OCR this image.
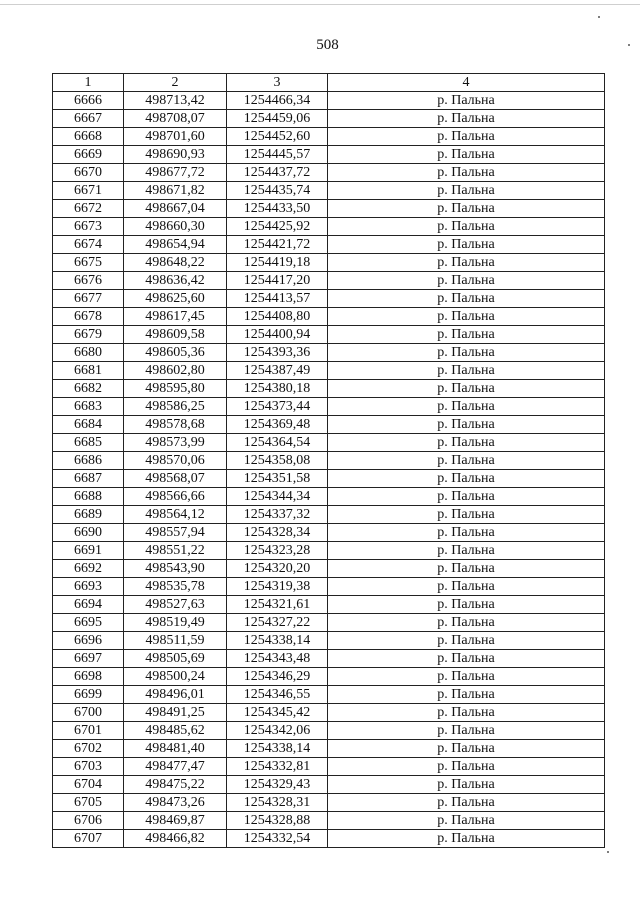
508
1	2	3	4
6666	498713,42	1254466,34	р. Пальна
6667	498708,07	1254459,06	р. Пальна
6668	498701,60	1254452,60	р. Пальна
6669	498690,93	1254445,57	р. Пальна
6670	498677,72	1254437,72	р. Пальна
6671	498671,82	1254435,74	р. Пальна
6672	498667,04	1254433,50	р. Пальна
6673	498660,30	1254425,92	р. Пальна
6674	498654,94	1254421,72	р. Пальна
6675	498648,22	1254419,18	р. Пальна
6676	498636,42	1254417,20	р. Пальна
6677	498625,60	1254413,57	р. Пальна
6678	498617,45	1254408,80	р. Пальна
6679	498609,58	1254400,94	р. Пальна
6680	498605,36	1254393,36	р. Пальна
6681	498602,80	1254387,49	р. Пальна
6682	498595,80	1254380,18	р. Пальна
6683	498586,25	1254373,44	р. Пальна
6684	498578,68	1254369,48	р. Пальна
6685	498573,99	1254364,54	р. Пальна
6686	498570,06	1254358,08	р. Пальна
6687	498568,07	1254351,58	р. Пальна
6688	498566,66	1254344,34	р. Пальна
6689	498564,12	1254337,32	р. Пальна
6690	498557,94	1254328,34	р. Пальна
6691	498551,22	1254323,28	р. Пальна
6692	498543,90	1254320,20	р. Пальна
6693	498535,78	1254319,38	р. Пальна
6694	498527,63	1254321,61	р. Пальна
6695	498519,49	1254327,22	р. Пальна
6696	498511,59	1254338,14	р. Пальна
6697	498505,69	1254343,48	р. Пальна
6698	498500,24	1254346,29	р. Пальна
6699	498496,01	1254346,55	р. Пальна
6700	498491,25	1254345,42	р. Пальна
6701	498485,62	1254342,06	р. Пальна
6702	498481,40	1254338,14	р. Пальна
6703	498477,47	1254332,81	р. Пальна
6704	498475,22	1254329,43	р. Пальна
6705	498473,26	1254328,31	р. Пальна
6706	498469,87	1254328,88	р. Пальна
6707	498466,82	1254332,54	р. Пальна
